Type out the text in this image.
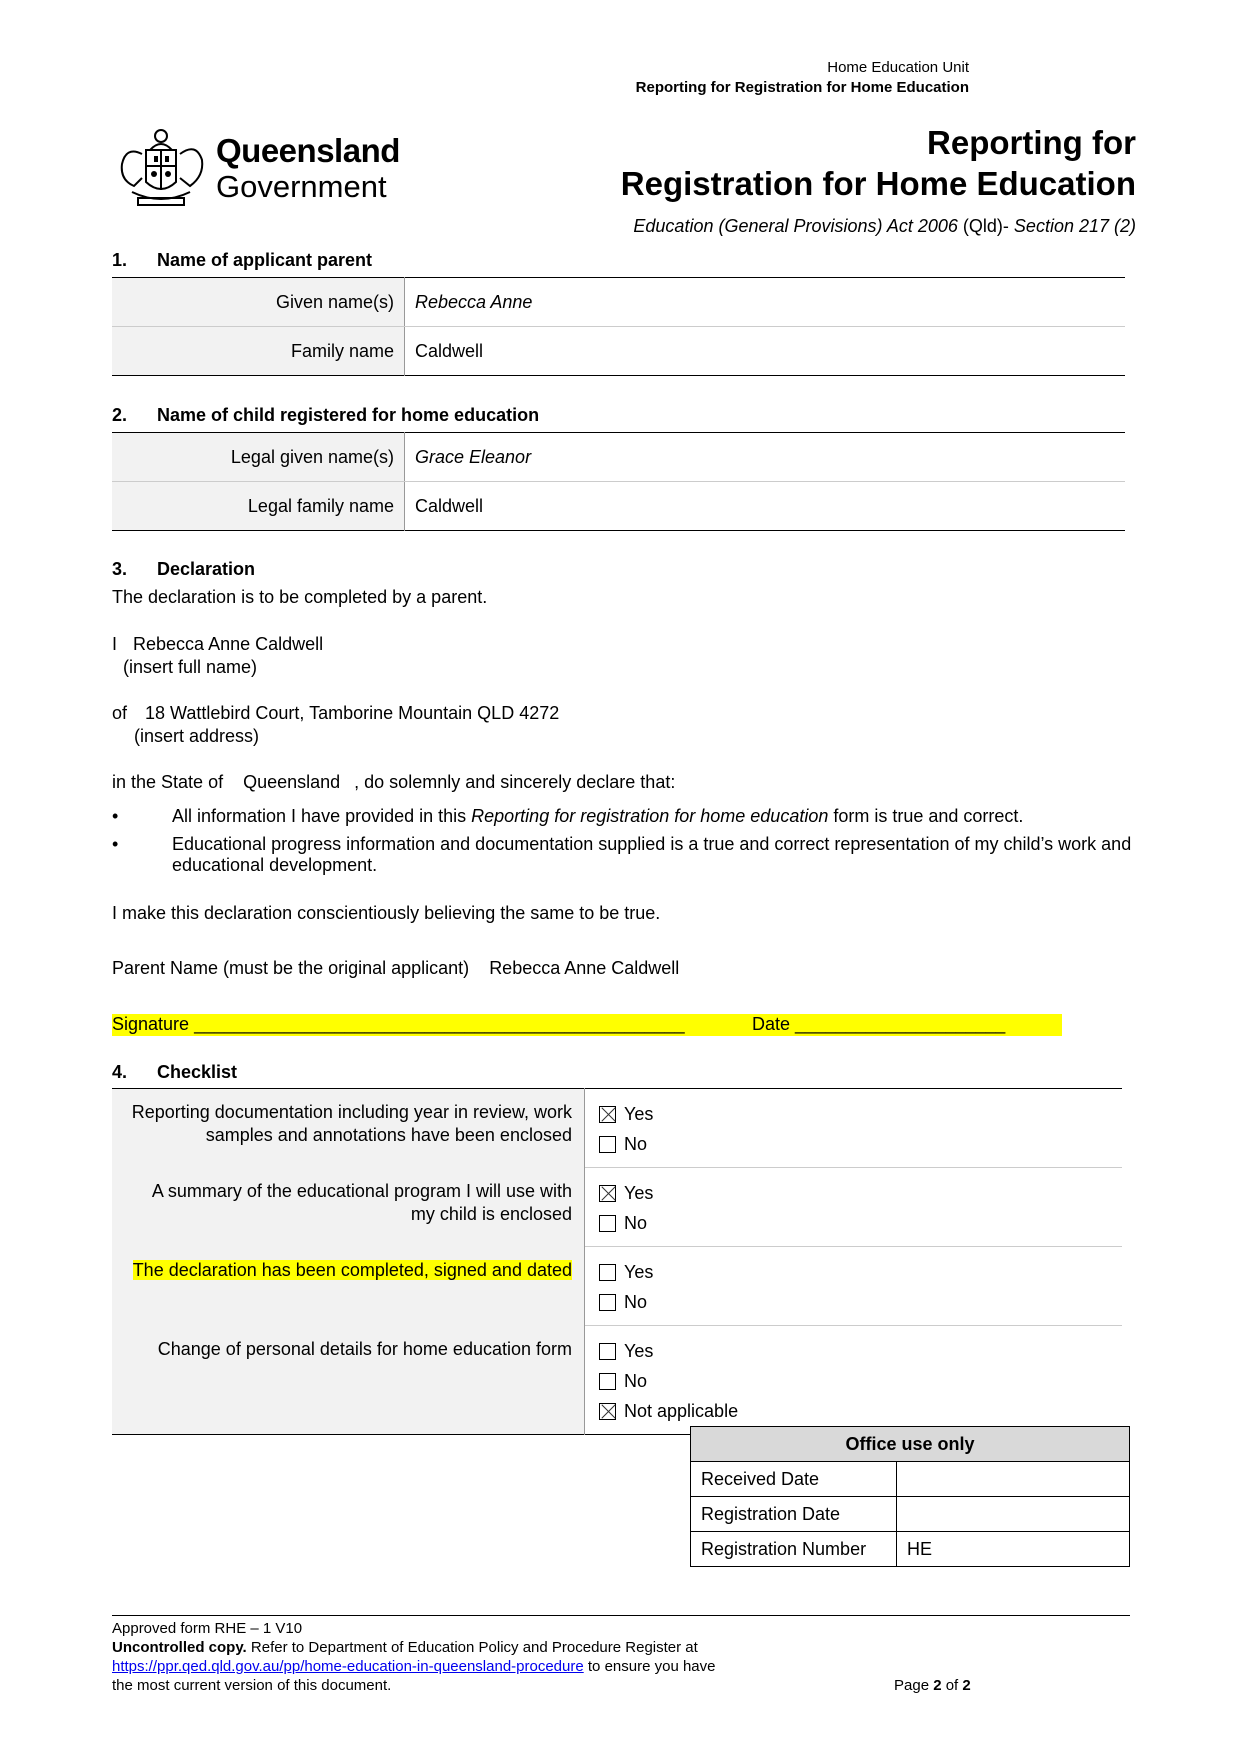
Home Education Unit
Reporting for Registration for Home Education
Queensland
Government
Reporting for
Registration for Home Education
Education (General Provisions) Act 2006 (Qld)- Section 217 (2)
1. Name of applicant parent
Given name(s)	Rebecca Anne
Family name	Caldwell
2. Name of child registered for home education
Legal given name(s)	Grace Eleanor
Legal family name	Caldwell
3. Declaration
The declaration is to be completed by a parent.
I Rebecca Anne Caldwell
(insert full name)
of 18 Wattlebird Court, Tamborine Mountain QLD 4272
(insert address)
in the State of Queensland , do solemnly and sincerely declare that:
•	All information I have provided in this Reporting for registration for home education form is true and correct.
•	Educational progress information and documentation supplied is a true and correct representation of my child’s work and educational development.
I make this declaration conscientiously believing the same to be true.
Parent Name (must be the original applicant) Rebecca Anne Caldwell
Signature _________________________________________________	Date _____________________
4. Checklist
Reporting documentation including year in review, work samples and annotations have been enclosed	Yes
No

A summary of the educational program I will use with my child is enclosed	Yes
No

The declaration has been completed, signed and dated	Yes
No

Change of personal details for home education form	Yes
No
Not applicable
Office use only	
Received Date	
Registration Date	
Registration Number	HE
Approved form RHE – 1 V10
Uncontrolled copy. Refer to Department of Education Policy and Procedure Register at
https://ppr.qed.qld.gov.au/pp/home-education-in-queensland-procedure to ensure you have
the most current version of this document.	Page 2 of 2
